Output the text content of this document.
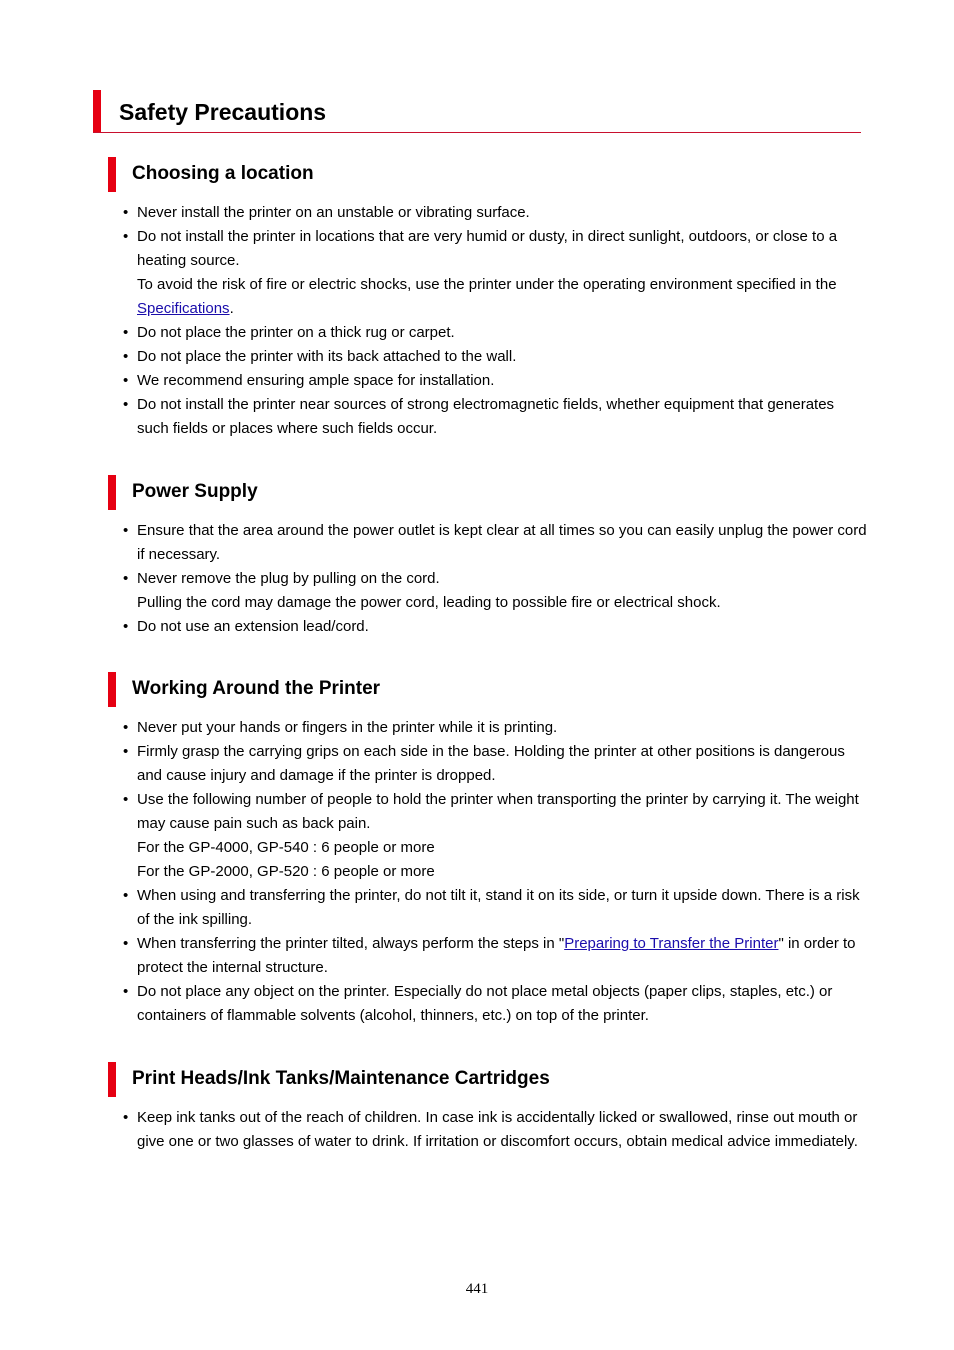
Safety Precautions
Choosing a location
• Never install the printer on an unstable or vibrating surface.

• Do not install the printer in locations that are very humid or dusty, in direct sunlight, outdoors, or close to a heating source.

To avoid the risk of fire or electric shocks, use the printer under the operating environment specified in the Specifications.

• Do not place the printer on a thick rug or carpet.

• Do not place the printer with its back attached to the wall.

• We recommend ensuring ample space for installation.

• Do not install the printer near sources of strong electromagnetic fields, whether equipment that generates such fields or places where such fields occur.

Power Supply
• Ensure that the area around the power outlet is kept clear at all times so you can easily unplug the power cord if necessary.

• Never remove the plug by pulling on the cord.

Pulling the cord may damage the power cord, leading to possible fire or electrical shock.

• Do not use an extension lead/cord.

Working Around the Printer
• Never put your hands or fingers in the printer while it is printing.

• Firmly grasp the carrying grips on each side in the base. Holding the printer at other positions is dangerous and cause injury and damage if the printer is dropped.

• Use the following number of people to hold the printer when transporting the printer by carrying it. The weight may cause pain such as back pain.

For the GP-4000, GP-540 : 6 people or more

For the GP-2000, GP-520 : 6 people or more

• When using and transferring the printer, do not tilt it, stand it on its side, or turn it upside down. There is a risk of the ink spilling.

• When transferring the printer tilted, always perform the steps in "Preparing to Transfer the Printer" in order to protect the internal structure.

• Do not place any object on the printer. Especially do not place metal objects (paper clips, staples, etc.) or containers of flammable solvents (alcohol, thinners, etc.) on top of the printer.

Print Heads/Ink Tanks/Maintenance Cartridges
• Keep ink tanks out of the reach of children. In case ink is accidentally licked or swallowed, rinse out mouth or give one or two glasses of water to drink. If irritation or discomfort occurs, obtain medical advice immediately.

441
